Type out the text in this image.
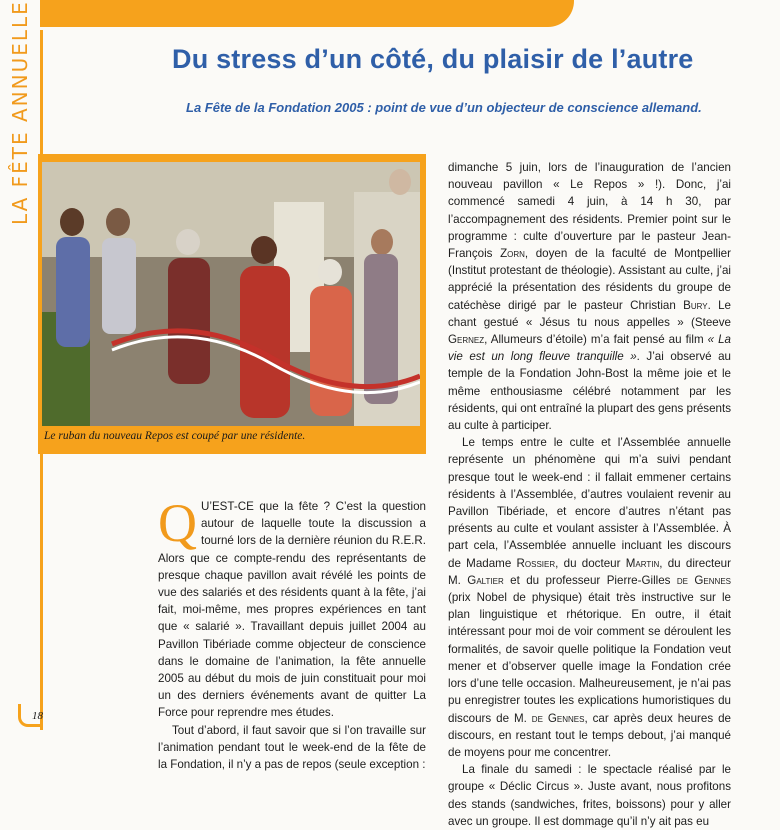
LA FÊTE ANNUELLE	Du stress d’un côté, du plaisir de l’autre
La Fête de la Fondation 2005 : point de vue d’un objecteur de conscience allemand.
Le ruban du nouveau Repos est coupé par une résidente.
Q U’EST-CE que la fête ? C’est la question autour de laquelle toute la discussion a tourné lors de la dernière réunion du R.E.R. Alors que ce compte-rendu des représentants de presque chaque pavillon avait révélé les points de vue des salariés et des résidents quant à la fête, j’ai fait, moi-même, mes propres expériences en tant que « salarié ». Travaillant depuis juillet 2004 au Pavillon Tibériade comme objecteur de conscience dans le domaine de l’animation, la fête annuelle 2005 au début du mois de juin constituait pour moi un des derniers événements avant de quitter La Force pour reprendre mes études.

Tout d’abord, il faut savoir que si l’on travaille sur l’animation pendant tout le week-end de la fête de la Fondation, il n’y a pas de repos (seule exception :

dimanche 5 juin, lors de l’inauguration de l’ancien nouveau pavillon « Le Repos » !). Donc, j’ai commencé samedi 4 juin, à 14 h 30, par l’accompagnement des résidents. Premier point sur le programme : culte d’ouverture par le pasteur Jean-François Zorn, doyen de la faculté de Montpellier (Institut protestant de théologie). Assistant au culte, j’ai apprécié la présentation des résidents du groupe de catéchèse dirigé par le pasteur Christian Bury. Le chant gestué « Jésus tu nous appelles » (Steeve Gernez, Allumeurs d’étoile) m’a fait pensé au film « La vie est un long fleuve tranquille ». J’ai observé au temple de la Fondation John-Bost la même joie et le même enthousiasme célébré notamment par les résidents, qui ont entraîné la plupart des gens présents au culte à participer.

Le temps entre le culte et l’Assemblée annuelle représente un phénomène qui m’a suivi pendant presque tout le week-end : il fallait emmener certains résidents à l’Assemblée, d’autres voulaient revenir au Pavillon Tibériade, et encore d’autres n’étant pas présents au culte et voulant assister à l’Assemblée. À part cela, l’Assemblée annuelle incluant les discours de Madame Rossier, du docteur Martin, du directeur M. Galtier et du professeur Pierre-Gilles de Gennes (prix Nobel de physique) était très instructive sur le plan linguistique et rhétorique. En outre, il était intéressant pour moi de voir comment se déroulent les formalités, de savoir quelle politique la Fondation veut mener et d’observer quelle image la Fondation crée lors d’une telle occasion. Malheureusement, je n’ai pas pu enregistrer toutes les explications humoristiques du discours de M. de Gennes, car après deux heures de discours, en restant tout le temps debout, j’ai manqué de moyens pour me concentrer.

La finale du samedi : le spectacle réalisé par le groupe « Déclic Circus ». Juste avant, nous profitons des stands (sandwiches, frites, boissons) pour y aller avec un groupe. Il est dommage qu’il n’y ait pas eu

18
